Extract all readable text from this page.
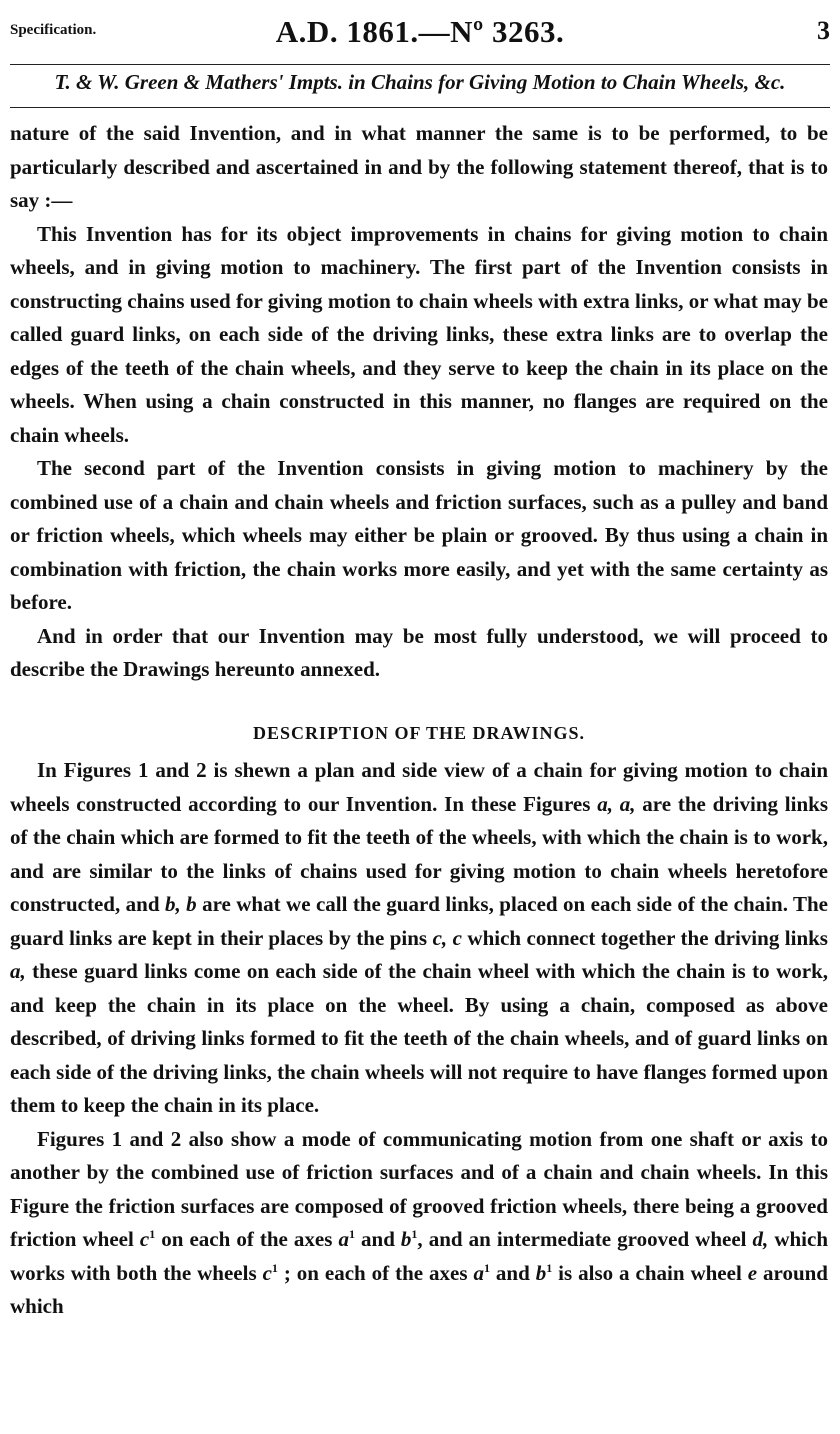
Specification.	A.D. 1861.—Nº 3263.	3
T. & W. Green & Mathers' Impts. in Chains for Giving Motion to Chain Wheels, &c.

nature of the said Invention, and in what manner the same is to be performed, to be particularly described and ascertained in and by the following statement thereof, that is to say :—

This Invention has for its object improvements in chains for giving motion to chain wheels, and in giving motion to machinery. The first part of the Invention consists in constructing chains used for giving motion to chain wheels with extra links, or what may be called guard links, on each side of the driving links, these extra links are to overlap the edges of the teeth of the chain wheels, and they serve to keep the chain in its place on the wheels. When using a chain constructed in this manner, no flanges are required on the chain wheels.

The second part of the Invention consists in giving motion to machinery by the combined use of a chain and chain wheels and friction surfaces, such as a pulley and band or friction wheels, which wheels may either be plain or grooved. By thus using a chain in combination with friction, the chain works more easily, and yet with the same certainty as before.

And in order that our Invention may be most fully understood, we will proceed to describe the Drawings hereunto annexed.

DESCRIPTION OF THE DRAWINGS.

In Figures 1 and 2 is shewn a plan and side view of a chain for giving motion to chain wheels constructed according to our Invention. In these Figures a, a, are the driving links of the chain which are formed to fit the teeth of the wheels, with which the chain is to work, and are similar to the links of chains used for giving motion to chain wheels heretofore constructed, and b, b are what we call the guard links, placed on each side of the chain. The guard links are kept in their places by the pins c, c which connect together the driving links a, these guard links come on each side of the chain wheel with which the chain is to work, and keep the chain in its place on the wheel. By using a chain, composed as above described, of driving links formed to fit the teeth of the chain wheels, and of guard links on each side of the driving links, the chain wheels will not require to have flanges formed upon them to keep the chain in its place.

Figures 1 and 2 also show a mode of communicating motion from one shaft or axis to another by the combined use of friction surfaces and of a chain and chain wheels. In this Figure the friction surfaces are composed of grooved friction wheels, there being a grooved friction wheel $c^1$ on each of the axes $a^1$ and $b^1$, and an intermediate grooved wheel d, which works with both the wheels $c^1$ ; on each of the axes $a^1$ and $b^1$ is also a chain wheel e around which
